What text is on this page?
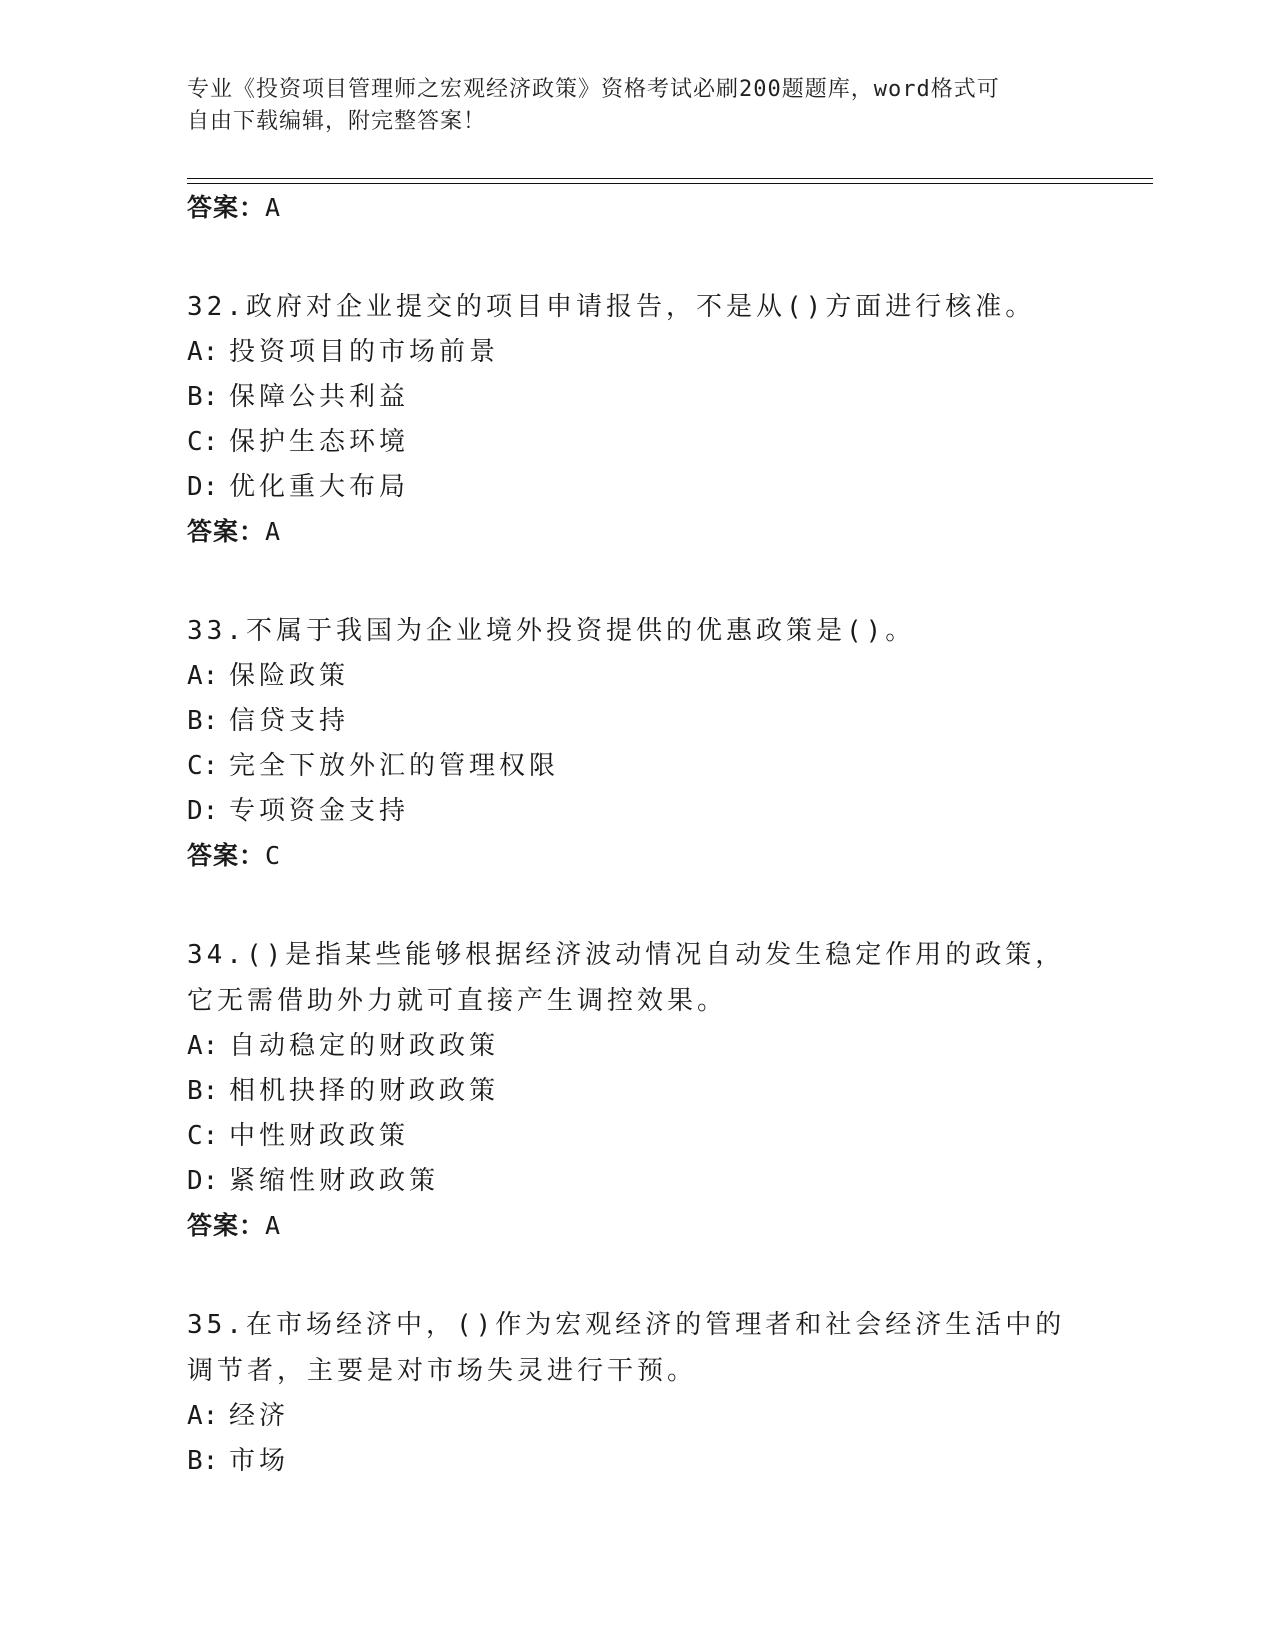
专业《投资项目管理师之宏观经济政策》资格考试必刷200题题库，word格式可
自由下载编辑，附完整答案！
答案：A
32.政府对企业提交的项目申请报告，不是从()方面进行核准。
A: 投资项目的市场前景
B: 保障公共利益
C: 保护生态环境
D: 优化重大布局
答案：A
33.不属于我国为企业境外投资提供的优惠政策是()。
A: 保险政策
B: 信贷支持
C: 完全下放外汇的管理权限
D: 专项资金支持
答案：C
34.()是指某些能够根据经济波动情况自动发生稳定作用的政策，它无需借助外力就可直接产生调控效果。
A: 自动稳定的财政政策
B: 相机抉择的财政政策
C: 中性财政政策
D: 紧缩性财政政策
答案：A
35.在市场经济中，()作为宏观经济的管理者和社会经济生活中的调节者，主要是对市场失灵进行干预。
A: 经济
B: 市场
